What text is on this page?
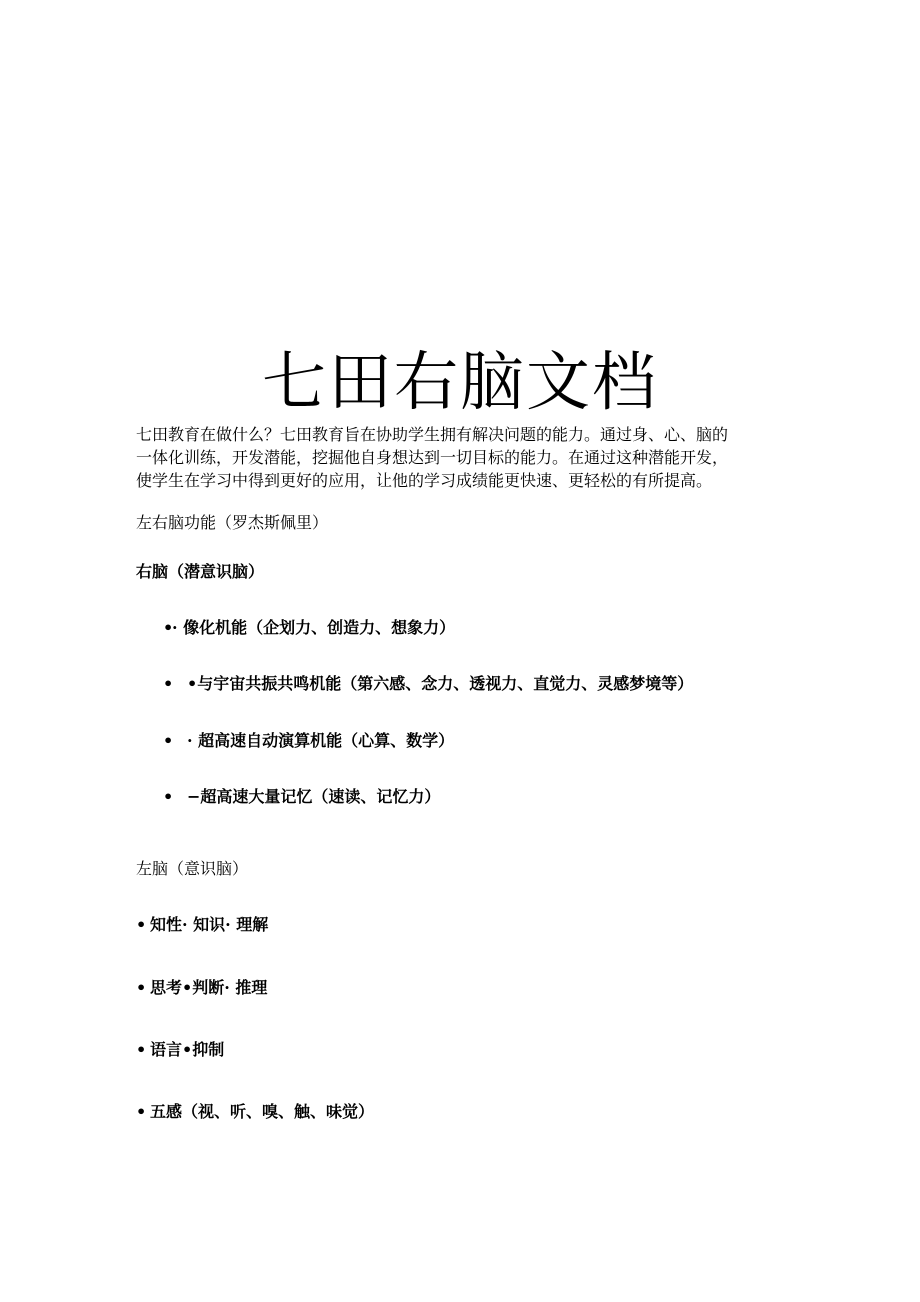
七田右脑文档

七田教育在做什么？七田教育旨在协助学生拥有解决问题的能力。通过身、心、脑的
一体化训练，开发潜能，挖掘他自身想达到一切目标的能力。在通过这种潜能开发，
使学生在学习中得到更好的应用，让他的学习成绩能更快速、更轻松的有所提高。

左右脑功能（罗杰斯佩里）

右脑（潜意识脑）

•
· 像化机能（企划力、创造力、想象力）
• •与宇宙共振共鸣机能（第六感、念力、透视力、直觉力、灵感梦境等）
• · 超高速自动演算机能（心算、数学）
• −超高速大量记忆（速读、记忆力）

左脑（意识脑）

• 知性· 知识· 理解
• 思考•判断· 推理
• 语言•抑制
• 五感（视、听、嗅、触、味觉）
